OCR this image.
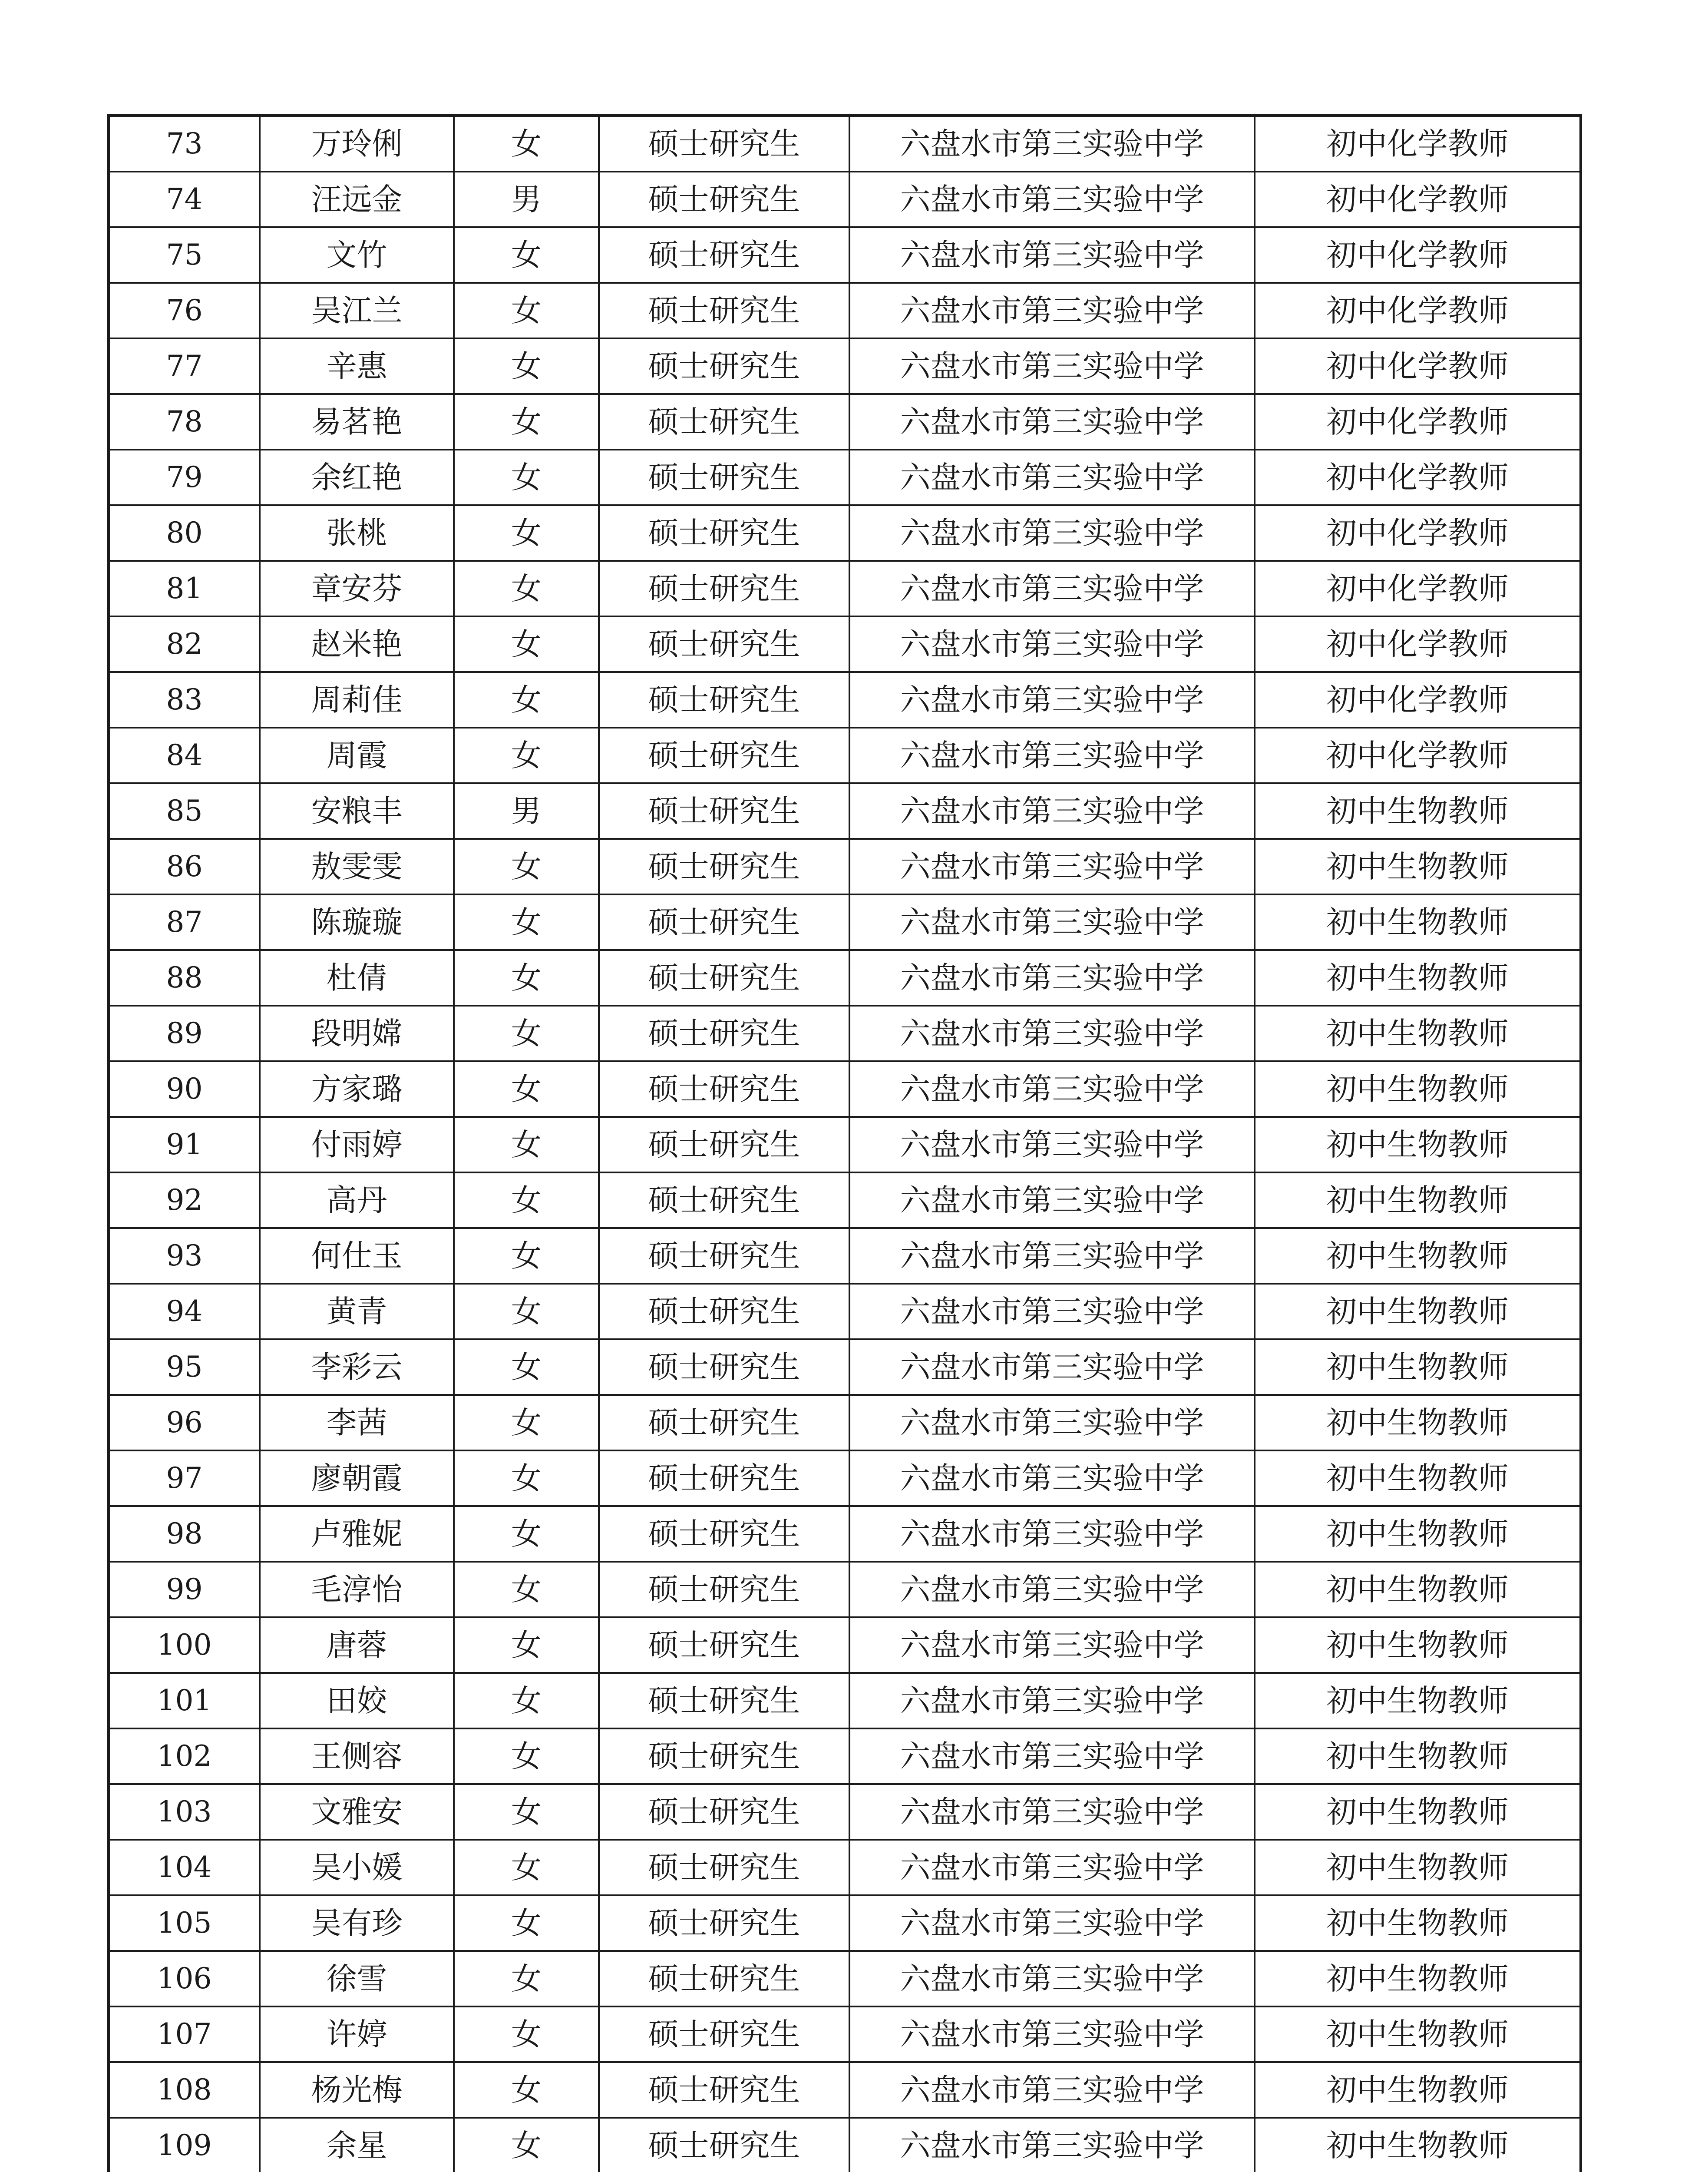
73	万玲俐	女	硕士研究生	六盘水市第三实验中学	初中化学教师
74	汪远金	男	硕士研究生	六盘水市第三实验中学	初中化学教师
75	文竹	女	硕士研究生	六盘水市第三实验中学	初中化学教师
76	吴江兰	女	硕士研究生	六盘水市第三实验中学	初中化学教师
77	辛惠	女	硕士研究生	六盘水市第三实验中学	初中化学教师
78	易茗艳	女	硕士研究生	六盘水市第三实验中学	初中化学教师
79	余红艳	女	硕士研究生	六盘水市第三实验中学	初中化学教师
80	张桃	女	硕士研究生	六盘水市第三实验中学	初中化学教师
81	章安芬	女	硕士研究生	六盘水市第三实验中学	初中化学教师
82	赵米艳	女	硕士研究生	六盘水市第三实验中学	初中化学教师
83	周莉佳	女	硕士研究生	六盘水市第三实验中学	初中化学教师
84	周霞	女	硕士研究生	六盘水市第三实验中学	初中化学教师
85	安粮丰	男	硕士研究生	六盘水市第三实验中学	初中生物教师
86	敖雯雯	女	硕士研究生	六盘水市第三实验中学	初中生物教师
87	陈璇璇	女	硕士研究生	六盘水市第三实验中学	初中生物教师
88	杜倩	女	硕士研究生	六盘水市第三实验中学	初中生物教师
89	段明嫦	女	硕士研究生	六盘水市第三实验中学	初中生物教师
90	方家璐	女	硕士研究生	六盘水市第三实验中学	初中生物教师
91	付雨婷	女	硕士研究生	六盘水市第三实验中学	初中生物教师
92	高丹	女	硕士研究生	六盘水市第三实验中学	初中生物教师
93	何仕玉	女	硕士研究生	六盘水市第三实验中学	初中生物教师
94	黄青	女	硕士研究生	六盘水市第三实验中学	初中生物教师
95	李彩云	女	硕士研究生	六盘水市第三实验中学	初中生物教师
96	李茜	女	硕士研究生	六盘水市第三实验中学	初中生物教师
97	廖朝霞	女	硕士研究生	六盘水市第三实验中学	初中生物教师
98	卢雅妮	女	硕士研究生	六盘水市第三实验中学	初中生物教师
99	毛淳怡	女	硕士研究生	六盘水市第三实验中学	初中生物教师
100	唐蓉	女	硕士研究生	六盘水市第三实验中学	初中生物教师
101	田姣	女	硕士研究生	六盘水市第三实验中学	初中生物教师
102	王侧容	女	硕士研究生	六盘水市第三实验中学	初中生物教师
103	文雅安	女	硕士研究生	六盘水市第三实验中学	初中生物教师
104	吴小媛	女	硕士研究生	六盘水市第三实验中学	初中生物教师
105	吴有珍	女	硕士研究生	六盘水市第三实验中学	初中生物教师
106	徐雪	女	硕士研究生	六盘水市第三实验中学	初中生物教师
107	许婷	女	硕士研究生	六盘水市第三实验中学	初中生物教师
108	杨光梅	女	硕士研究生	六盘水市第三实验中学	初中生物教师
109	余星	女	硕士研究生	六盘水市第三实验中学	初中生物教师
